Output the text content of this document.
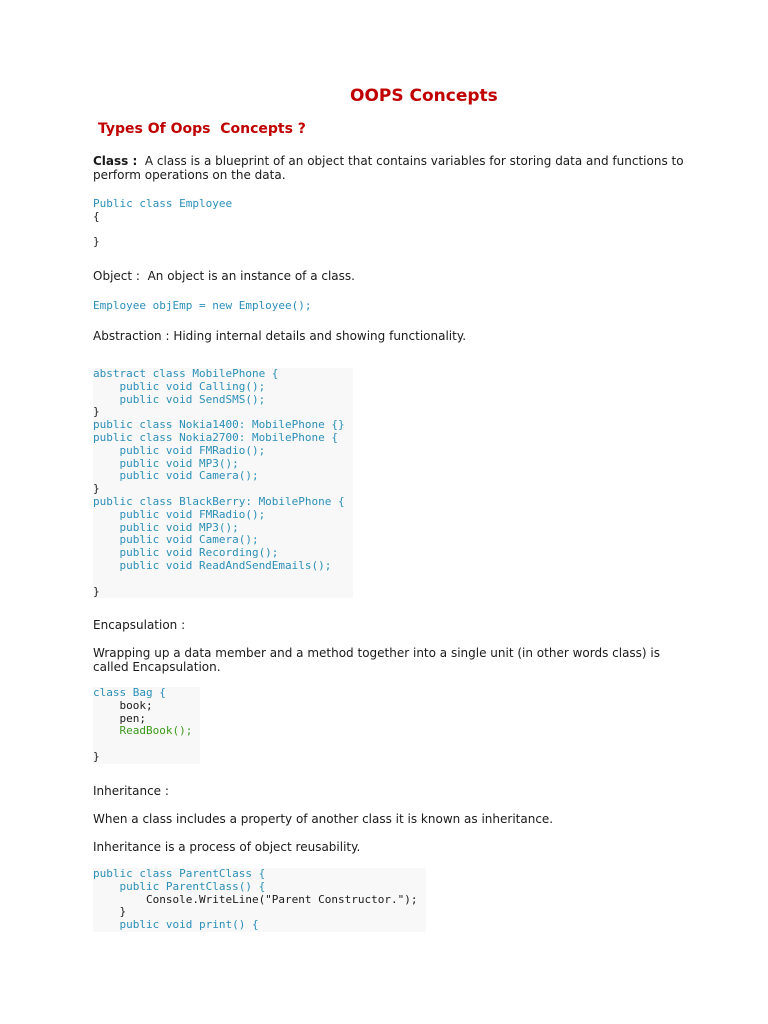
OOPS Concepts
Types Of Oops  Concepts ?

Class :  A class is a blueprint of an object that contains variables for storing data and functions to
perform operations on the data.

Public class Employee
{
}

Object :  An object is an instance of a class.

Employee objEmp = new Employee();

Abstraction : Hiding internal details and showing functionality.

abstract class MobilePhone {
public void Calling();
public void SendSMS();
}
public class Nokia1400: MobilePhone {}
public class Nokia2700: MobilePhone {
public void FMRadio();
public void MP3();
public void Camera();
}
public class BlackBerry: MobilePhone {
public void FMRadio();
public void MP3();
public void Camera();
public void Recording();
public void ReadAndSendEmails();
}

Encapsulation :

Wrapping up a data member and a method together into a single unit (in other words class) is
called Encapsulation.

class Bag {
book;
pen;
ReadBook();
}

Inheritance :

When a class includes a property of another class it is known as inheritance.

Inheritance is a process of object reusability.

public class ParentClass {
public ParentClass() {
Console.WriteLine("Parent Constructor.");
}
public void print() {
